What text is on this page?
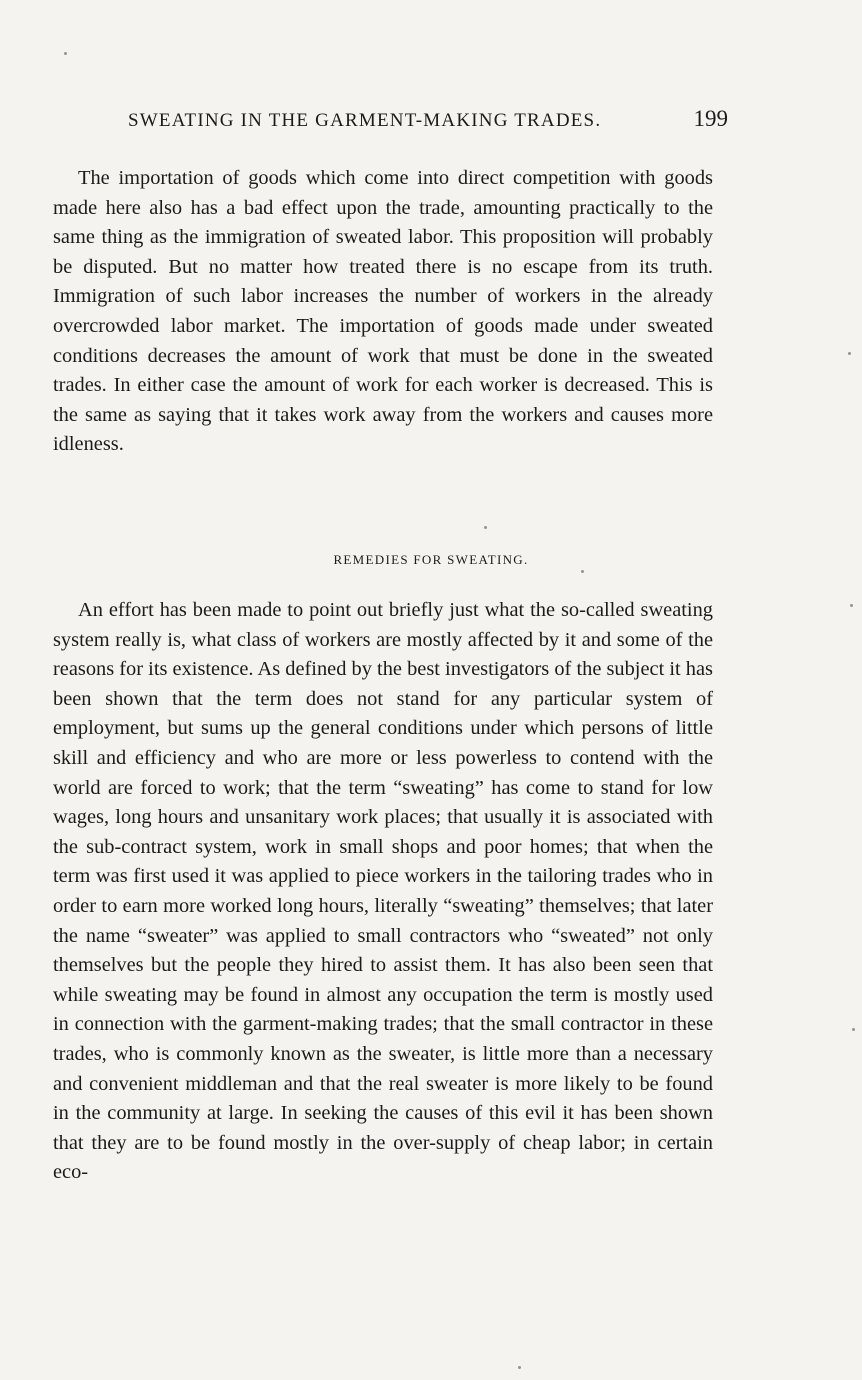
SWEATING IN THE GARMENT-MAKING TRADES.	199

The importation of goods which come into direct competition with goods made here also has a bad effect upon the trade, amounting practically to the same thing as the immigration of sweated labor. This proposition will probably be disputed. But no matter how treated there is no escape from its truth. Immigration of such labor increases the number of workers in the already overcrowded labor market. The importation of goods made under sweated conditions decreases the amount of work that must be done in the sweated trades. In either case the amount of work for each worker is decreased. This is the same as saying that it takes work away from the workers and causes more idleness.

REMEDIES FOR SWEATING.

An effort has been made to point out briefly just what the so-called sweating system really is, what class of workers are mostly affected by it and some of the reasons for its existence. As defined by the best investigators of the subject it has been shown that the term does not stand for any particular system of employment, but sums up the general conditions under which persons of little skill and efficiency and who are more or less powerless to contend with the world are forced to work; that the term “sweating” has come to stand for low wages, long hours and unsanitary work places; that usually it is associated with the sub-contract system, work in small shops and poor homes; that when the term was first used it was applied to piece workers in the tailoring trades who in order to earn more worked long hours, literally “sweating” themselves; that later the name “sweater” was applied to small contractors who “sweated” not only themselves but the people they hired to assist them. It has also been seen that while sweating may be found in almost any occupation the term is mostly used in connection with the garment-making trades; that the small contractor in these trades, who is commonly known as the sweater, is little more than a necessary and convenient middleman and that the real sweater is more likely to be found in the community at large. In seeking the causes of this evil it has been shown that they are to be found mostly in the over-supply of cheap labor; in certain eco-
